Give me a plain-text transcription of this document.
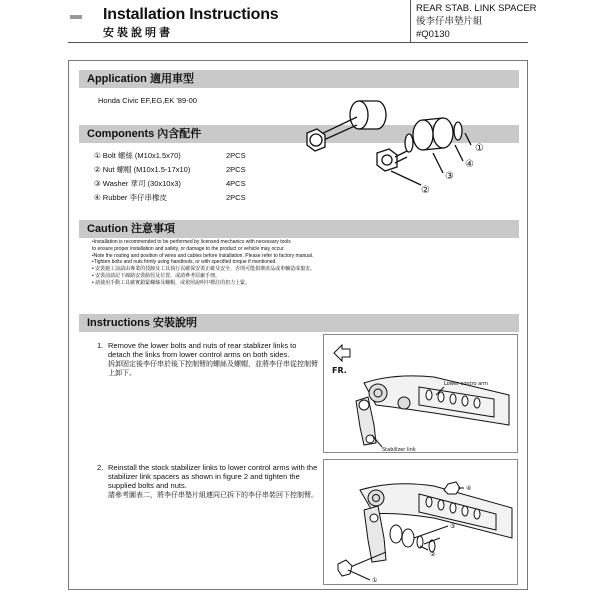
Installation Instructions
安裝說明書
REAR STAB. LINK SPACER
後李仔串墊片組
#Q0130
Application 適用車型
Honda Civic EF,EG,EK '89-00
Components 內含配件
① Bolt 螺絲 (M10x1.5x70)	2PCS
② Nut 螺帽 (M10x1.5-17x10)	2PCS
③ Washer 華司 (30x10x3)	4PCS
④ Rubber 李仔串橡皮	2PCS
①
④
③
②
Caution 注意事項
•Installation is recommended to be performed by licensed mechanics with necessary tools
to ensure proper installation and safety, or damage to the product or vehicle may occur.
•Note the routing and position of wires and cables before installation. Please refer to factory manual.
•Tighten bolts and nuts firmly using handtools, or with specified torque if mentioned.
• 安裝施工前請由專業的技師及工具執行以確保安裝正確及安全，否則可能損壞產品或車輛造成傷害。
• 安裝前請記下線路安裝路徑及位置，或請參考原廠手冊。
• 請使用手動工具確實鎖緊螺絲及螺帽，或依照說明中標註的扭力上緊。
Instructions 安裝說明
1. Remove the lower bolts and nuts of rear stablizer links to detach the links from lower control arms on both sides.
拆卸固定後李仔串於後下控制臂的螺絲及螺帽，並將李仔串從控制臂上卸下。
2. Reinstall the stock stabilizer links to lower control arms with the stabilizer link spacers as shown in figure 2 and tighten the supplied bolts and nuts.
請參考圖表二，將李仔串墊片組連同已拆下的李仔串裝回下控制臂。
FR.
Lower contro arm
Stabilizer link
④
③
②
①
